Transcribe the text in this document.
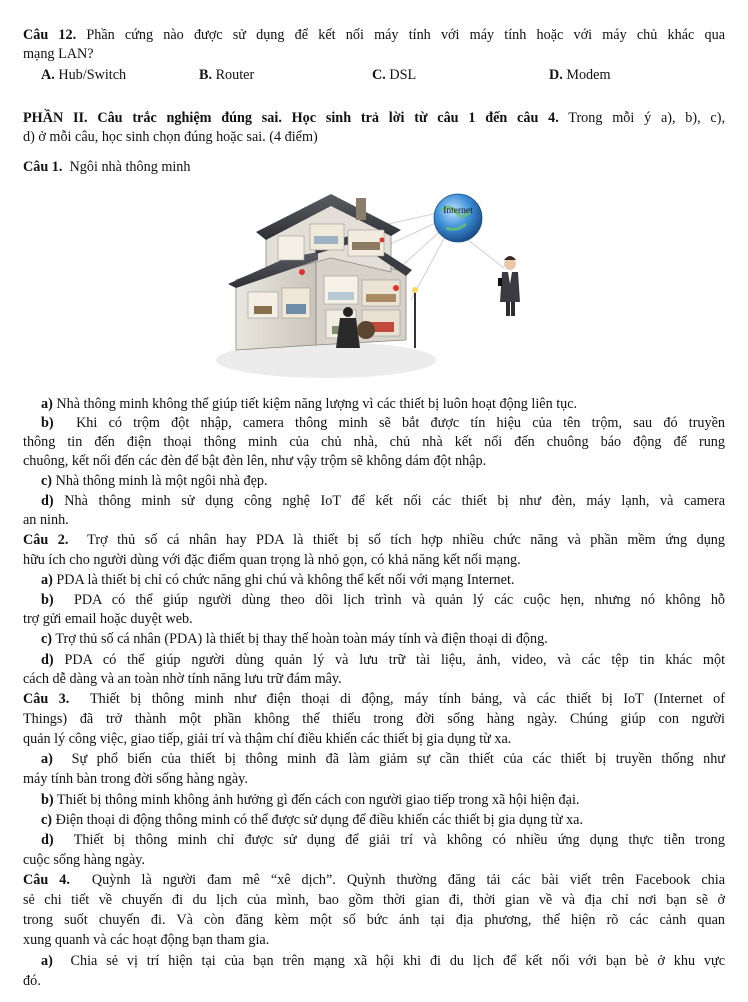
Câu 12. Phần cứng nào được sử dụng để kết nối máy tính với máy tính hoặc với máy chủ khác qua
mạng LAN?
A. Hub/Switch	B. Router	C. DSL	D. Modem
PHẦN II. Câu trắc nghiệm đúng sai. Học sinh trả lời từ câu 1 đến câu 4. Trong mỗi ý a), b), c),
d) ở mỗi câu, học sinh chọn đúng hoặc sai. (4 điểm)
Câu 1. Ngôi nhà thông minh
Internet
a) Nhà thông minh không thể giúp tiết kiệm năng lượng vì các thiết bị luôn hoạt động liên tục.
b) Khi có trộm đột nhập, camera thông minh sẽ bắt được tín hiệu của tên trộm, sau đó truyền
thông tin đến điện thoại thông minh của chủ nhà, chủ nhà kết nối đến chuông báo động để rung
chuông, kết nối đến các đèn để bật đèn lên, như vậy trộm sẽ không dám đột nhập.
c) Nhà thông minh là một ngôi nhà đẹp.
d) Nhà thông minh sử dụng công nghệ IoT để kết nối các thiết bị như đèn, máy lạnh, và camera
an ninh.
Câu 2. Trợ thủ số cá nhân hay PDA là thiết bị số tích hợp nhiều chức năng và phần mềm ứng dụng
hữu ích cho người dùng với đặc điểm quan trọng là nhỏ gọn, có khả năng kết nối mạng.
a) PDA là thiết bị chỉ có chức năng ghi chú và không thể kết nối với mạng Internet.
b) PDA có thể giúp người dùng theo dõi lịch trình và quản lý các cuộc hẹn, nhưng nó không hỗ
trợ gửi email hoặc duyệt web.
c) Trợ thủ số cá nhân (PDA) là thiết bị thay thế hoàn toàn máy tính và điện thoại di động.
d) PDA có thể giúp người dùng quản lý và lưu trữ tài liệu, ảnh, video, và các tệp tin khác một
cách dễ dàng và an toàn nhờ tính năng lưu trữ đám mây.
Câu 3. Thiết bị thông minh như điện thoại di động, máy tính bảng, và các thiết bị IoT (Internet of
Things) đã trở thành một phần không thể thiếu trong đời sống hàng ngày. Chúng giúp con người
quản lý công việc, giao tiếp, giải trí và thậm chí điều khiển các thiết bị gia dụng từ xa.
a) Sự phổ biến của thiết bị thông minh đã làm giảm sự cần thiết của các thiết bị truyền thống như
máy tính bàn trong đời sống hàng ngày.
b) Thiết bị thông minh không ảnh hưởng gì đến cách con người giao tiếp trong xã hội hiện đại.
c) Điện thoại di động thông minh có thể được sử dụng để điều khiển các thiết bị gia dụng từ xa.
d) Thiết bị thông minh chỉ được sử dụng để giải trí và không có nhiều ứng dụng thực tiễn trong
cuộc sống hàng ngày.
Câu 4. Quỳnh là người đam mê “xê dịch”. Quỳnh thường đăng tải các bài viết trên Facebook chia
sẻ chi tiết về chuyến đi du lịch của mình, bao gồm thời gian đi, thời gian về và địa chỉ nơi bạn sẽ ở
trong suốt chuyến đi. Và còn đăng kèm một số bức ảnh tại địa phương, thể hiện rõ các cảnh quan
xung quanh và các hoạt động bạn tham gia.
a) Chia sẻ vị trí hiện tại của bạn trên mạng xã hội khi đi du lịch để kết nối với bạn bè ở khu vực
đó.
